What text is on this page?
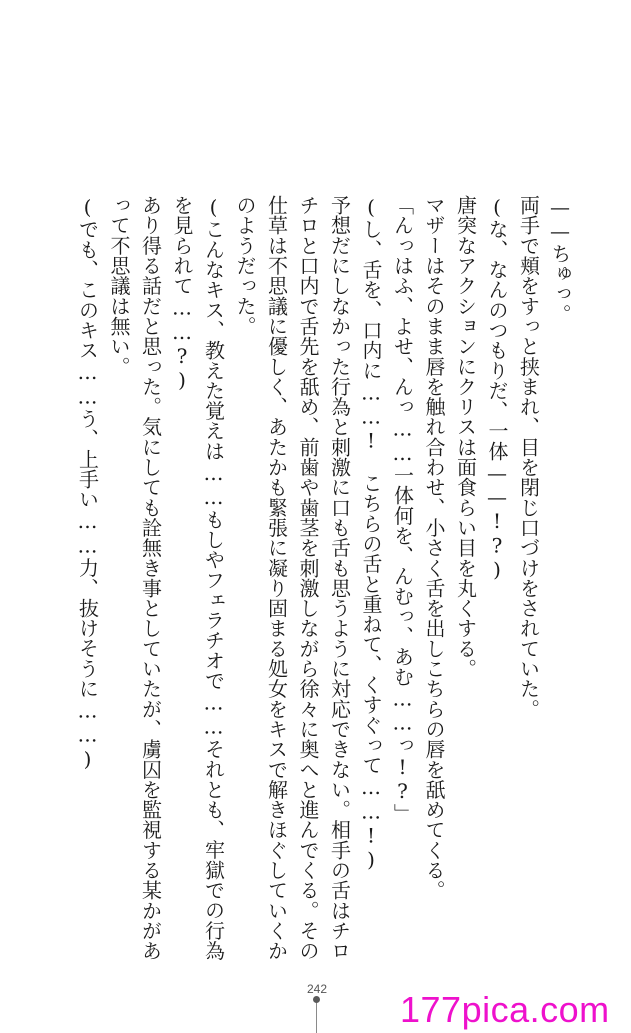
——ちゅっ。

両手で頬をすっと挟まれ、目を閉じ口づけをされていた。

(な、なんのつもりだ、一体——!?)

唐突なアクションにクリスは面食らい目を丸くする。

マザーはそのまま唇を触れ合わせ、小さく舌を出しこちらの唇を舐めてくる。

「んっはふ、よせ、んっ……一体何を、んむっ、あむ……っ!?」

(し、舌を、口内に……!　こちらの舌と重ねて、くすぐって……!)

予想だにしなかった行為と刺激に口も舌も思うように対応できない。相手の舌はチロチロと口内で舌先を舐め、前歯や歯茎を刺激しながら徐々に奥へと進んでくる。その仕草は不思議に優しく、あたかも緊張に凝り固まる処女をキスで解きほぐしていくかのようだった。

(こんなキス、教えた覚えは……もしやフェラチオで……それとも、牢獄での行為を見られて……?)

あり得る話だと思った。気にしても詮無き事としていたが、虜囚を監視する某かがあって不思議は無い。

(でも、このキス……う、上手い……力、抜けそうに……)

242 177pica.com
